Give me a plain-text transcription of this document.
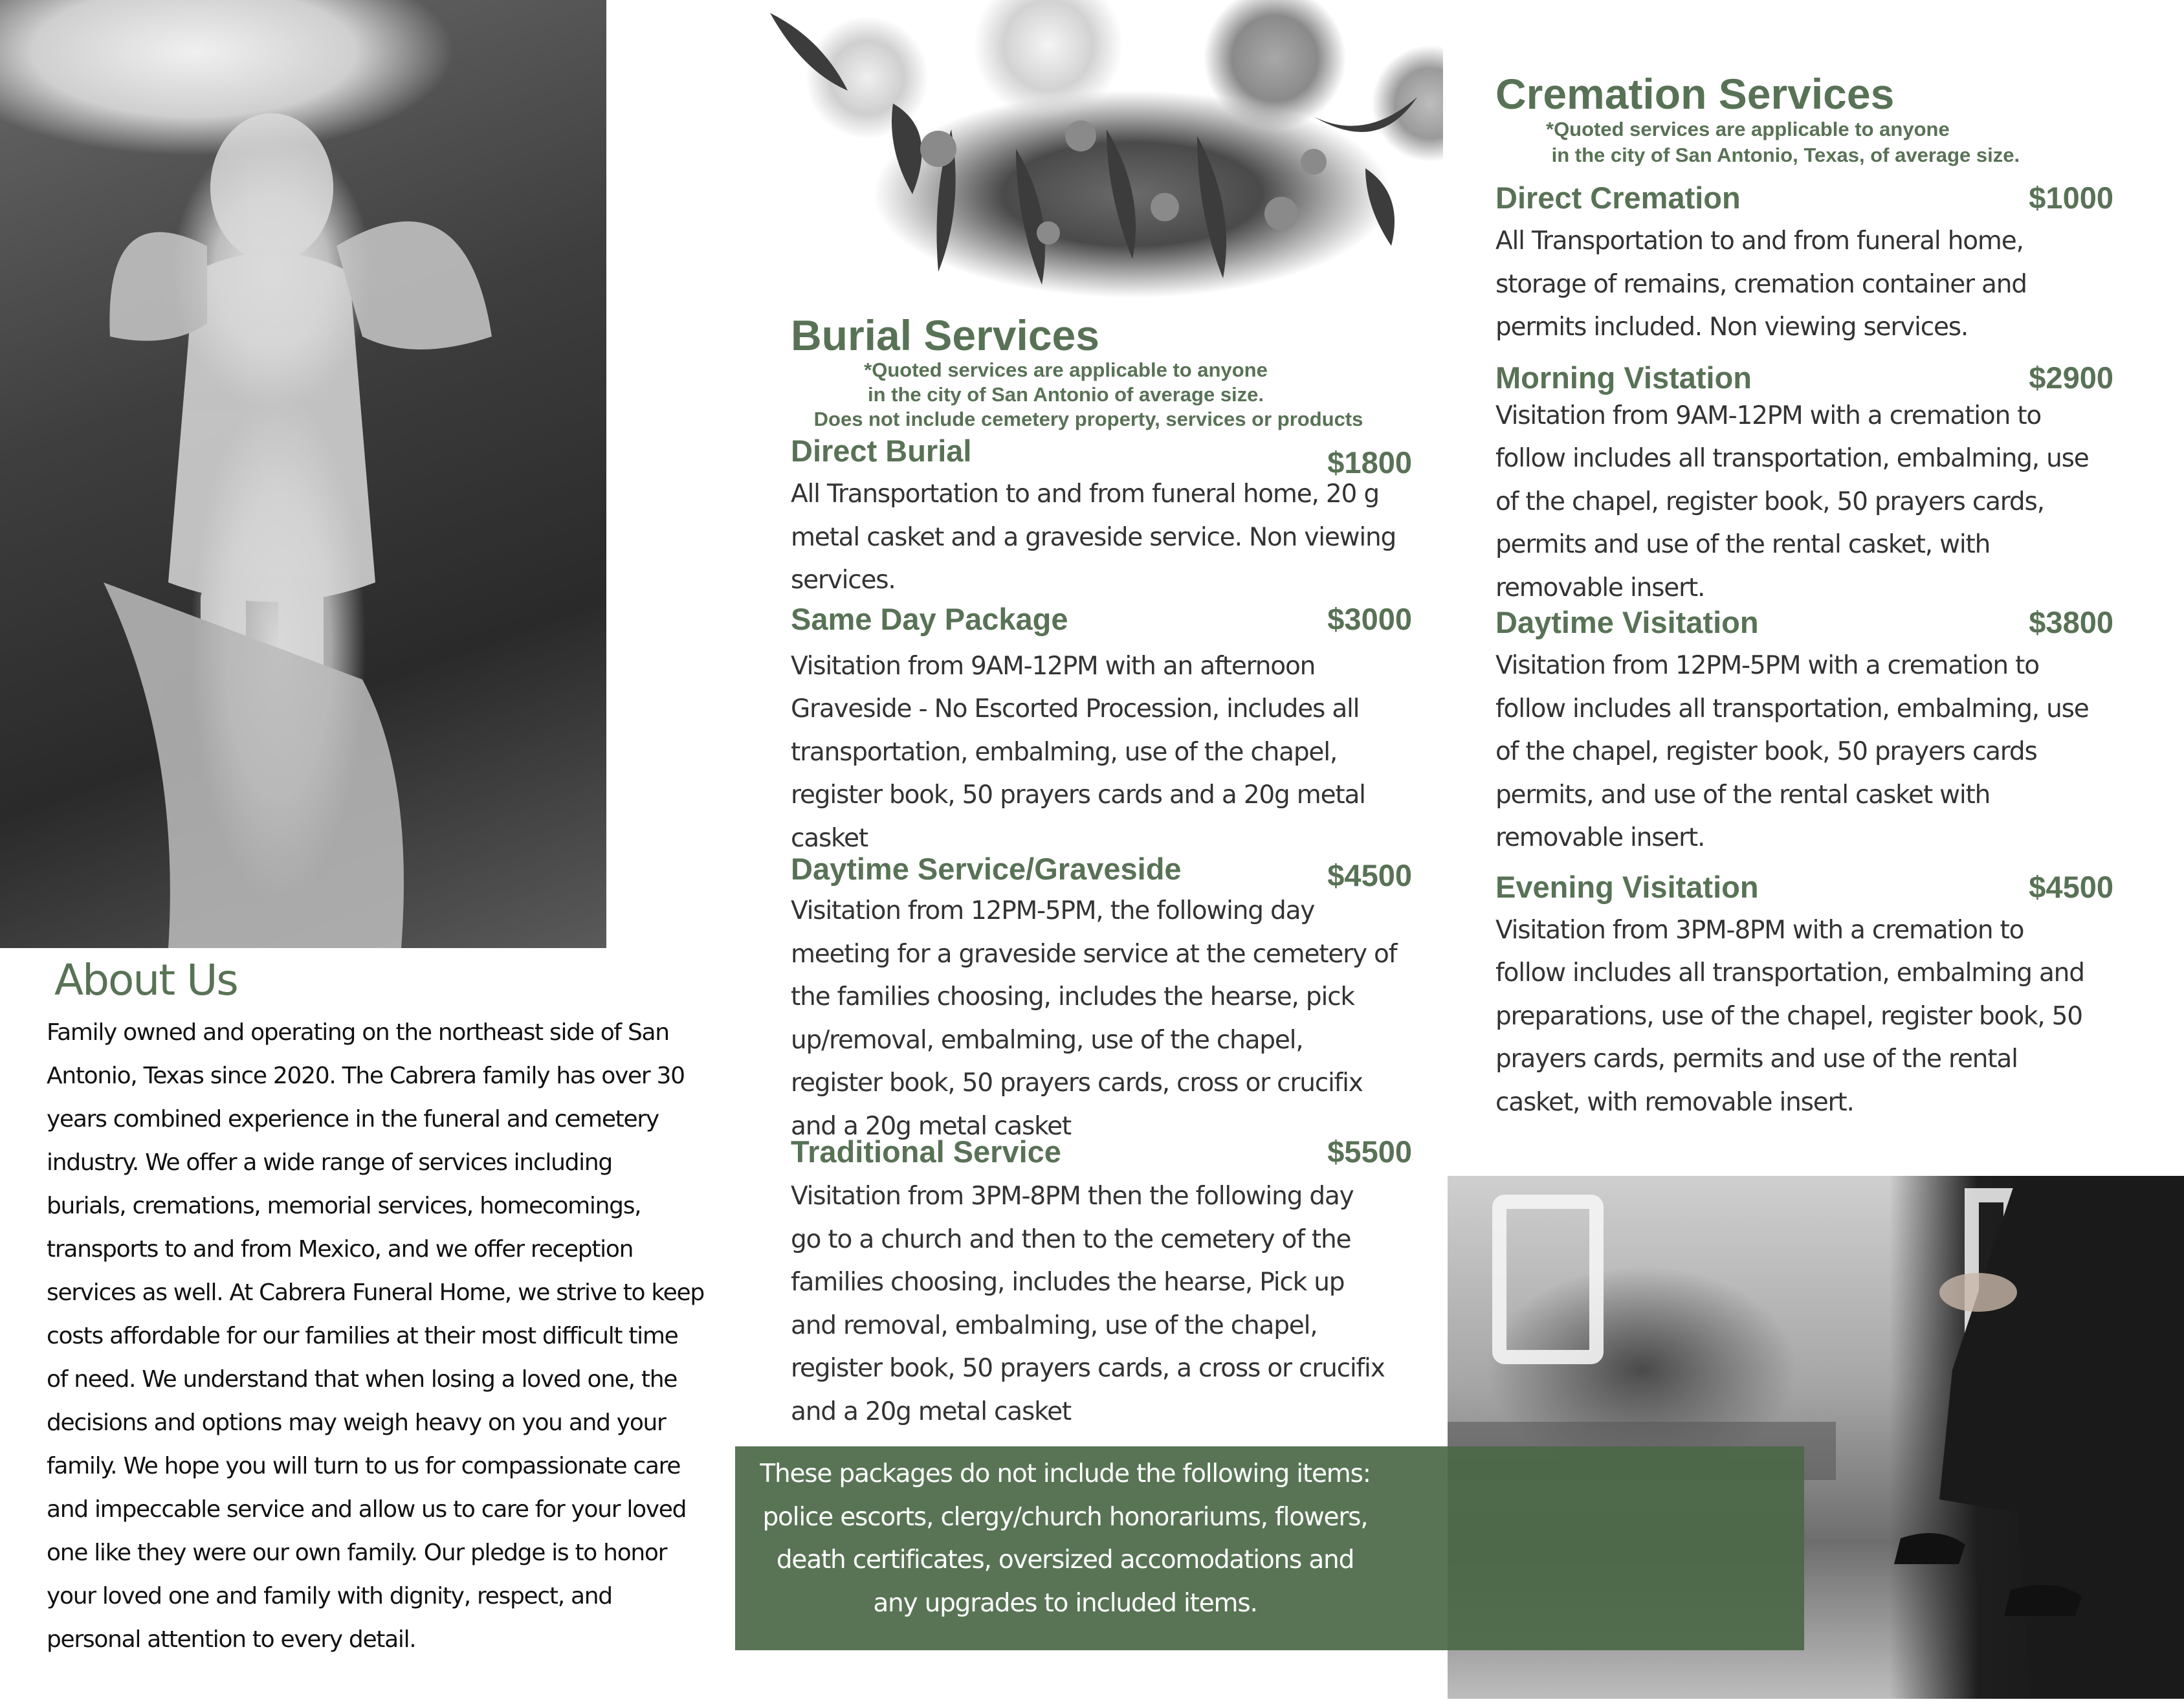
About Us
Family owned and operating on the northeast side of San
Antonio, Texas since 2020. The Cabrera family has over 30
years combined experience in the funeral and cemetery
industry. We offer a wide range of services including
burials, cremations, memorial services, homecomings,
transports to and from Mexico, and we offer reception
services as well. At Cabrera Funeral Home, we strive to keep
costs affordable for our families at their most difficult time
of need. We understand that when losing a loved one, the
decisions and options may weigh heavy on you and your
family. We hope you will turn to us for compassionate care
and impeccable service and allow us to care for your loved
one like they were our own family. Our pledge is to honor
your loved one and family with dignity, respect, and
personal attention to every detail.
Burial Services
*Quoted services are applicable to anyone
in the city of San Antonio of average size.
Does not include cemetery property, services or products
Direct Burial	$1800
All Transportation to and from funeral home, 20 g
metal casket and a graveside service. Non viewing
services.
Same Day Package	$3000
Visitation from 9AM-12PM with an afternoon
Graveside - No Escorted Procession, includes all
transportation, embalming, use of the chapel,
register book, 50 prayers cards and a 20g metal
casket
Daytime Service/Graveside	$4500
Visitation from 12PM-5PM, the following day
meeting for a graveside service at the cemetery of
the families choosing, includes the hearse, pick
up/removal, embalming, use of the chapel,
register book, 50 prayers cards, cross or crucifix
and a 20g metal casket
Traditional Service	$5500
Visitation from 3PM-8PM then the following day
go to a church and then to the cemetery of the
families choosing, includes the hearse, Pick up
and removal, embalming, use of the chapel,
register book, 50 prayers cards, a cross or crucifix
and a 20g metal casket
Cremation Services
*Quoted services are applicable to anyone
in the city of San Antonio, Texas, of average size.
Direct Cremation	$1000
All Transportation to and from funeral home,
storage of remains, cremation container and
permits included. Non viewing services.
Morning Vistation	$2900
Visitation from 9AM-12PM with a cremation to
follow includes all transportation, embalming, use
of the chapel, register book, 50 prayers cards,
permits and use of the rental casket, with
removable insert.
Daytime Visitation	$3800
Visitation from 12PM-5PM with a cremation to
follow includes all transportation, embalming, use
of the chapel, register book, 50 prayers cards
permits, and use of the rental casket with
removable insert.
Evening Visitation	$4500
Visitation from 3PM-8PM with a cremation to
follow includes all transportation, embalming and
preparations, use of the chapel, register book, 50
prayers cards, permits and use of the rental
casket, with removable insert.
These packages do not include the following items:
police escorts, clergy/church honorariums, flowers,
death certificates, oversized accomodations and
any upgrades to included items.
